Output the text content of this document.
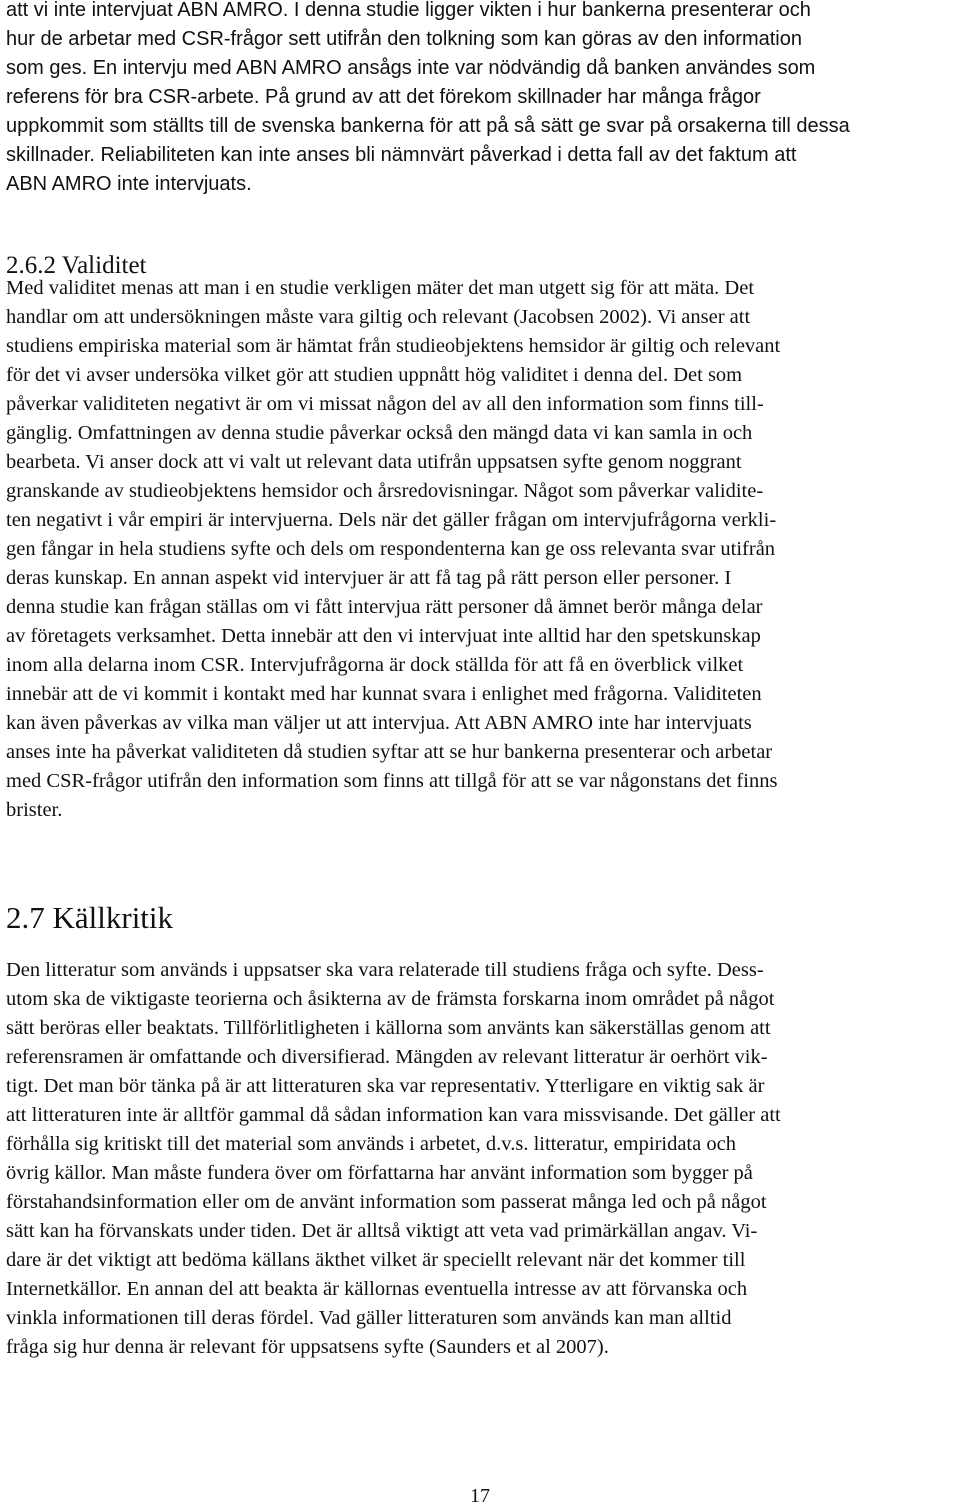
att vi inte intervjuat ABN AMRO. I denna studie ligger vikten i hur bankerna presenterar och
hur de arbetar med CSR-frågor sett utifrån den tolkning som kan göras av den information
som ges. En intervju med ABN AMRO ansågs inte var nödvändig då banken användes som
referens för bra CSR-arbete. På grund av att det förekom skillnader har många frågor
uppkommit som ställts till de svenska bankerna för att på så sätt ge svar på orsakerna till dessa
skillnader. Reliabiliteten kan inte anses bli nämnvärt påverkad i detta fall av det faktum att
ABN AMRO inte intervjuats.

2.6.2 Validitet

Med validitet menas att man i en studie verkligen mäter det man utgett sig för att mäta. Det
handlar om att undersökningen måste vara giltig och relevant (Jacobsen 2002). Vi anser att
studiens empiriska material som är hämtat från studieobjektens hemsidor är giltig och relevant
för det vi avser undersöka vilket gör att studien uppnått hög validitet i denna del. Det som
påverkar validiteten negativt är om vi missat någon del av all den information som finns till-
gänglig. Omfattningen av denna studie påverkar också den mängd data vi kan samla in och
bearbeta. Vi anser dock att vi valt ut relevant data utifrån uppsatsen syfte genom noggrant
granskande av studieobjektens hemsidor och årsredovisningar. Något som påverkar validite-
ten negativt i vår empiri är intervjuerna. Dels när det gäller frågan om intervjufrågorna verkli-
gen fångar in hela studiens syfte och dels om respondenterna kan ge oss relevanta svar utifrån
deras kunskap. En annan aspekt vid intervjuer är att få tag på rätt person eller personer. I
denna studie kan frågan ställas om vi fått intervjua rätt personer då ämnet berör många delar
av företagets verksamhet. Detta innebär att den vi intervjuat inte alltid har den spetskunskap
inom alla delarna inom CSR. Intervjufrågorna är dock ställda för att få en överblick vilket
innebär att de vi kommit i kontakt med har kunnat svara i enlighet med frågorna. Validiteten
kan även påverkas av vilka man väljer ut att intervjua. Att ABN AMRO inte har intervjuats
anses inte ha påverkat validiteten då studien syftar att se hur bankerna presenterar och arbetar
med CSR-frågor utifrån den information som finns att tillgå för att se var någonstans det finns
brister.

2.7 Källkritik

Den litteratur som används i uppsatser ska vara relaterade till studiens fråga och syfte. Dess-
utom ska de viktigaste teorierna och åsikterna av de främsta forskarna inom området på något
sätt beröras eller beaktats. Tillförlitligheten i källorna som använts kan säkerställas genom att
referensramen är omfattande och diversifierad. Mängden av relevant litteratur är oerhört vik-
tigt. Det man bör tänka på är att litteraturen ska var representativ. Ytterligare en viktig sak är
att litteraturen inte är alltför gammal då sådan information kan vara missvisande. Det gäller att
förhålla sig kritiskt till det material som används i arbetet, d.v.s. litteratur, empiridata och
övrig källor. Man måste fundera över om författarna har använt information som bygger på
förstahandsinformation eller om de använt information som passerat många led och på något
sätt kan ha förvanskats under tiden. Det är alltså viktigt att veta vad primärkällan angav. Vi-
dare är det viktigt att bedöma källans äkthet vilket är speciellt relevant när det kommer till
Internetkällor. En annan del att beakta är källornas eventuella intresse av att förvanska och
vinkla informationen till deras fördel. Vad gäller litteraturen som används kan man alltid
fråga sig hur denna är relevant för uppsatsens syfte (Saunders et al 2007).

17
